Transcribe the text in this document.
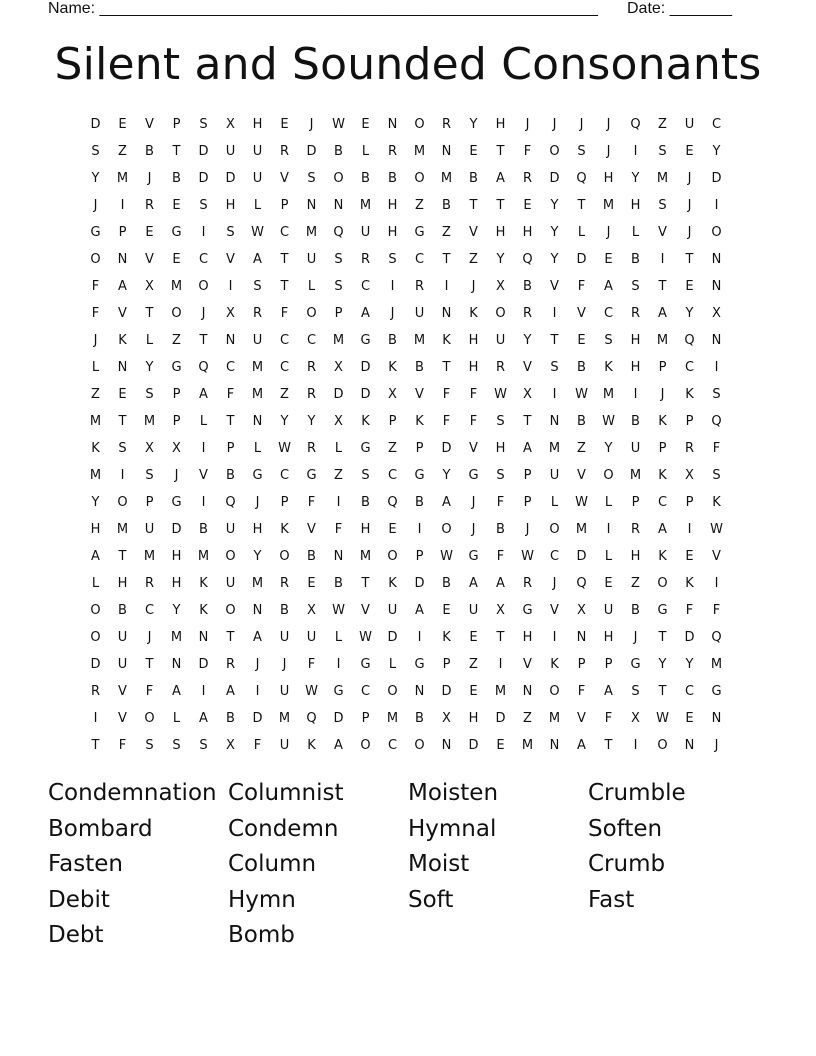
Name: ________________________________________________________ Date: _______
Silent and Sounded Consonants
D	E	V	P	S	X	H	E	J	W	E	N	O	R	Y	H	J	J	J	J	Q	Z	U	C
S	Z	B	T	D	U	U	R	D	B	L	R	M	N	E	T	F	O	S	J	I	S	E	Y
Y	M	J	B	D	D	U	V	S	O	B	B	O	M	B	A	R	D	Q	H	Y	M	J	D
J	I	R	E	S	H	L	P	N	N	M	H	Z	B	T	T	E	Y	T	M	H	S	J	I
G	P	E	G	I	S	W	C	M	Q	U	H	G	Z	V	H	H	Y	L	J	L	V	J	O
O	N	V	E	C	V	A	T	U	S	R	S	C	T	Z	Y	Q	Y	D	E	B	I	T	N
F	A	X	M	O	I	S	T	L	S	C	I	R	I	J	X	B	V	F	A	S	T	E	N
F	V	T	O	J	X	R	F	O	P	A	J	U	N	K	O	R	I	V	C	R	A	Y	X
J	K	L	Z	T	N	U	C	C	M	G	B	M	K	H	U	Y	T	E	S	H	M	Q	N
L	N	Y	G	Q	C	M	C	R	X	D	K	B	T	H	R	V	S	B	K	H	P	C	I
Z	E	S	P	A	F	M	Z	R	D	D	X	V	F	F	W	X	I	W	M	I	J	K	S
M	T	M	P	L	T	N	Y	Y	X	K	P	K	F	F	S	T	N	B	W	B	K	P	Q
K	S	X	X	I	P	L	W	R	L	G	Z	P	D	V	H	A	M	Z	Y	U	P	R	F
M	I	S	J	V	B	G	C	G	Z	S	C	G	Y	G	S	P	U	V	O	M	K	X	S
Y	O	P	G	I	Q	J	P	F	I	B	Q	B	A	J	F	P	L	W	L	P	C	P	K
H	M	U	D	B	U	H	K	V	F	H	E	I	O	J	B	J	O	M	I	R	A	I	W
A	T	M	H	M	O	Y	O	B	N	M	O	P	W	G	F	W	C	D	L	H	K	E	V
L	H	R	H	K	U	M	R	E	B	T	K	D	B	A	A	R	J	Q	E	Z	O	K	I
O	B	C	Y	K	O	N	B	X	W	V	U	A	E	U	X	G	V	X	U	B	G	F	F
O	U	J	M	N	T	A	U	U	L	W	D	I	K	E	T	H	I	N	H	J	T	D	Q
D	U	T	N	D	R	J	J	F	I	G	L	G	P	Z	I	V	K	P	P	G	Y	Y	M
R	V	F	A	I	A	I	U	W	G	C	O	N	D	E	M	N	O	F	A	S	T	C	G
I	V	O	L	A	B	D	M	Q	D	P	M	B	X	H	D	Z	M	V	F	X	W	E	N
T	F	S	S	S	X	F	U	K	A	O	C	O	N	D	E	M	N	A	T	I	O	N	J
Condemnation
Bombard
Fasten
Debit
Debt
Columnist
Condemn
Column
Hymn
Bomb
Moisten
Hymnal
Moist
Soft
Crumble
Soften
Crumb
Fast
